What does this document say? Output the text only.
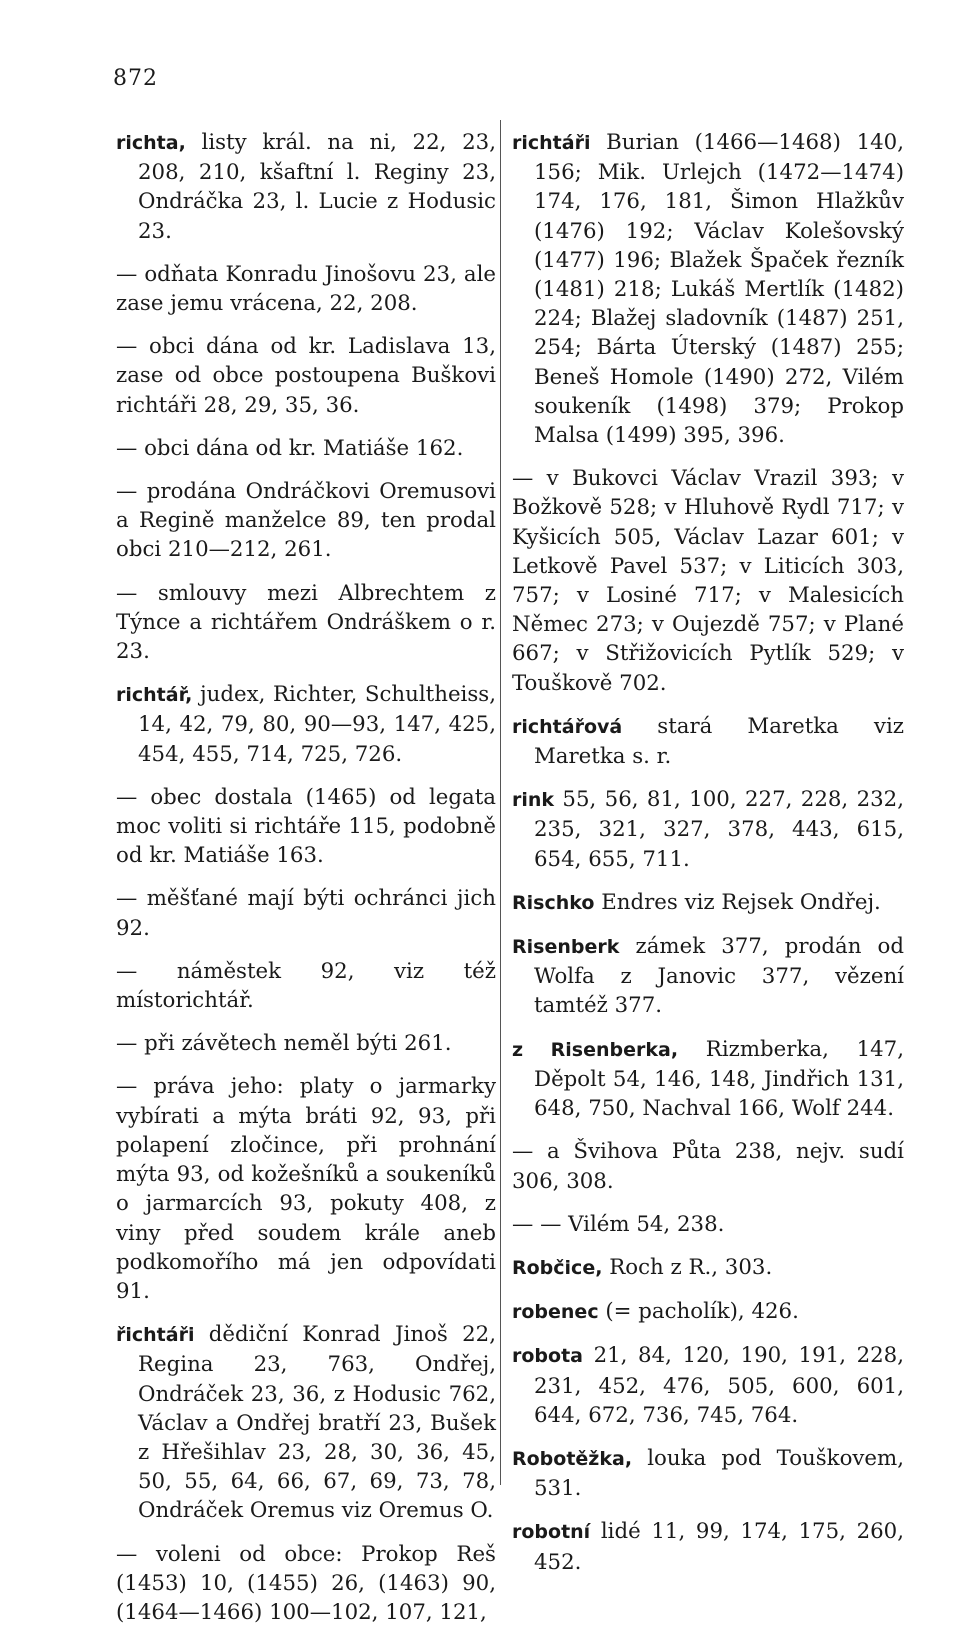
872

richta, listy král. na ni, 22, 23, 208, 210, kšaftní l. Reginy 23, Ondráčka 23, l. Lucie z Hodusic 23.

— odňata Konradu Jinošovu 23, ale zase jemu vrácena, 22, 208.

— obci dána od kr. Ladislava 13, zase od obce postoupena Buškovi richtáři 28, 29, 35, 36.

— obci dána od kr. Matiáše 162.

— prodána Ondráčkovi Oremusovi a Regině manželce 89, ten prodal obci 210—212, 261.

— smlouvy mezi Albrechtem z Týnce a richtářem Ondráškem o r. 23.

richtář, judex, Richter, Schultheiss, 14, 42, 79, 80, 90—93, 147, 425, 454, 455, 714, 725, 726.

— obec dostala (1465) od legata moc voliti si richtáře 115, podobně od kr. Matiáše 163.

— měšťané mají býti ochránci jich 92.

— náměstek 92, viz též místorichtář.

— při závětech neměl býti 261.

— práva jeho: platy o jarmarky vybírati a mýta bráti 92, 93, při polapení zločince, při prohnání mýta 93, od kožešníků a soukeníků o jarmarcích 93, pokuty 408, z viny před soudem krále aneb podkomořího má jen odpovídati 91.

řichtáři dědiční Konrad Jinoš 22, Regina 23, 763, Ondřej, Ondráček 23, 36, z Hodusic 762, Václav a Ondřej bratří 23, Bušek z Hřešihlav 23, 28, 30, 36, 45, 50, 55, 64, 66, 67, 69, 73, 78, Ondráček Oremus viz Oremus O.

— voleni od obce: Prokop Reš (1453) 10, (1455) 26, (1463) 90, (1464—1466) 100—102, 107, 121,

richtáři Burian (1466—1468) 140, 156; Mik. Urlejch (1472—1474) 174, 176, 181, Šimon Hlažkův (1476) 192; Václav Kolešovský (1477) 196; Blažek Špaček řezník (1481) 218; Lukáš Mertlík (1482) 224; Blažej sladovník (1487) 251, 254; Bárta Úterský (1487) 255; Beneš Homole (1490) 272, Vilém soukeník (1498) 379; Prokop Malsa (1499) 395, 396.

— v Bukovci Václav Vrazil 393; v Božkově 528; v Hluhově Rydl 717; v Kyšicích 505, Václav Lazar 601; v Letkově Pavel 537; v Liticích 303, 757; v Losiné 717; v Malesicích Němec 273; v Oujezdě 757; v Plané 667; v Střižovicích Pytlík 529; v Touškově 702.

richtářová stará Maretka viz Maretka s. r.

rink 55, 56, 81, 100, 227, 228, 232, 235, 321, 327, 378, 443, 615, 654, 655, 711.

Rischko Endres viz Rejsek Ondřej.

Risenberk zámek 377, prodán od Wolfa z Janovic 377, vězení tamtéž 377.

z Risenberka, Rizmberka, 147, Děpolt 54, 146, 148, Jindřich 131, 648, 750, Nachval 166, Wolf 244.

— a Švihova Půta 238, nejv. sudí 306, 308.

— — Vilém 54, 238.

Robčice, Roch z R., 303.

robenec (= pacholík), 426.

robota 21, 84, 120, 190, 191, 228, 231, 452, 476, 505, 600, 601, 644, 672, 736, 745, 764.

Robotěžka, louka pod Touškovem, 531.

robotní lidé 11, 99, 174, 175, 260, 452.
